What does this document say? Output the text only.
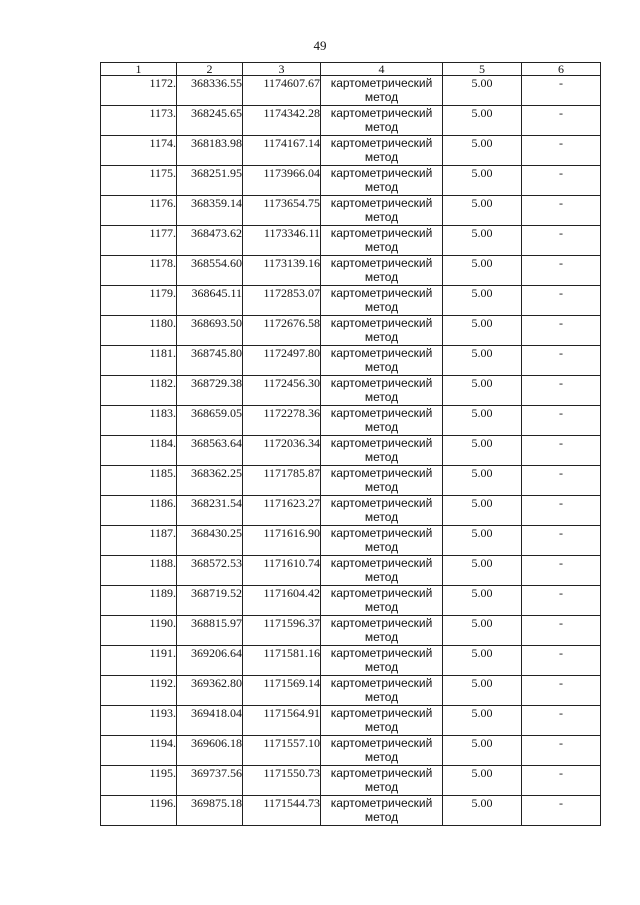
49
1	2	3	4	5	6
1172.	368336.55	1174607.67	картометрический метод	5.00	-
1173.	368245.65	1174342.28	картометрический метод	5.00	-
1174.	368183.98	1174167.14	картометрический метод	5.00	-
1175.	368251.95	1173966.04	картометрический метод	5.00	-
1176.	368359.14	1173654.75	картометрический метод	5.00	-
1177.	368473.62	1173346.11	картометрический метод	5.00	-
1178.	368554.60	1173139.16	картометрический метод	5.00	-
1179.	368645.11	1172853.07	картометрический метод	5.00	-
1180.	368693.50	1172676.58	картометрический метод	5.00	-
1181.	368745.80	1172497.80	картометрический метод	5.00	-
1182.	368729.38	1172456.30	картометрический метод	5.00	-
1183.	368659.05	1172278.36	картометрический метод	5.00	-
1184.	368563.64	1172036.34	картометрический метод	5.00	-
1185.	368362.25	1171785.87	картометрический метод	5.00	-
1186.	368231.54	1171623.27	картометрический метод	5.00	-
1187.	368430.25	1171616.90	картометрический метод	5.00	-
1188.	368572.53	1171610.74	картометрический метод	5.00	-
1189.	368719.52	1171604.42	картометрический метод	5.00	-
1190.	368815.97	1171596.37	картометрический метод	5.00	-
1191.	369206.64	1171581.16	картометрический метод	5.00	-
1192.	369362.80	1171569.14	картометрический метод	5.00	-
1193.	369418.04	1171564.91	картометрический метод	5.00	-
1194.	369606.18	1171557.10	картометрический метод	5.00	-
1195.	369737.56	1171550.73	картометрический метод	5.00	-
1196.	369875.18	1171544.73	картометрический метод	5.00	-
